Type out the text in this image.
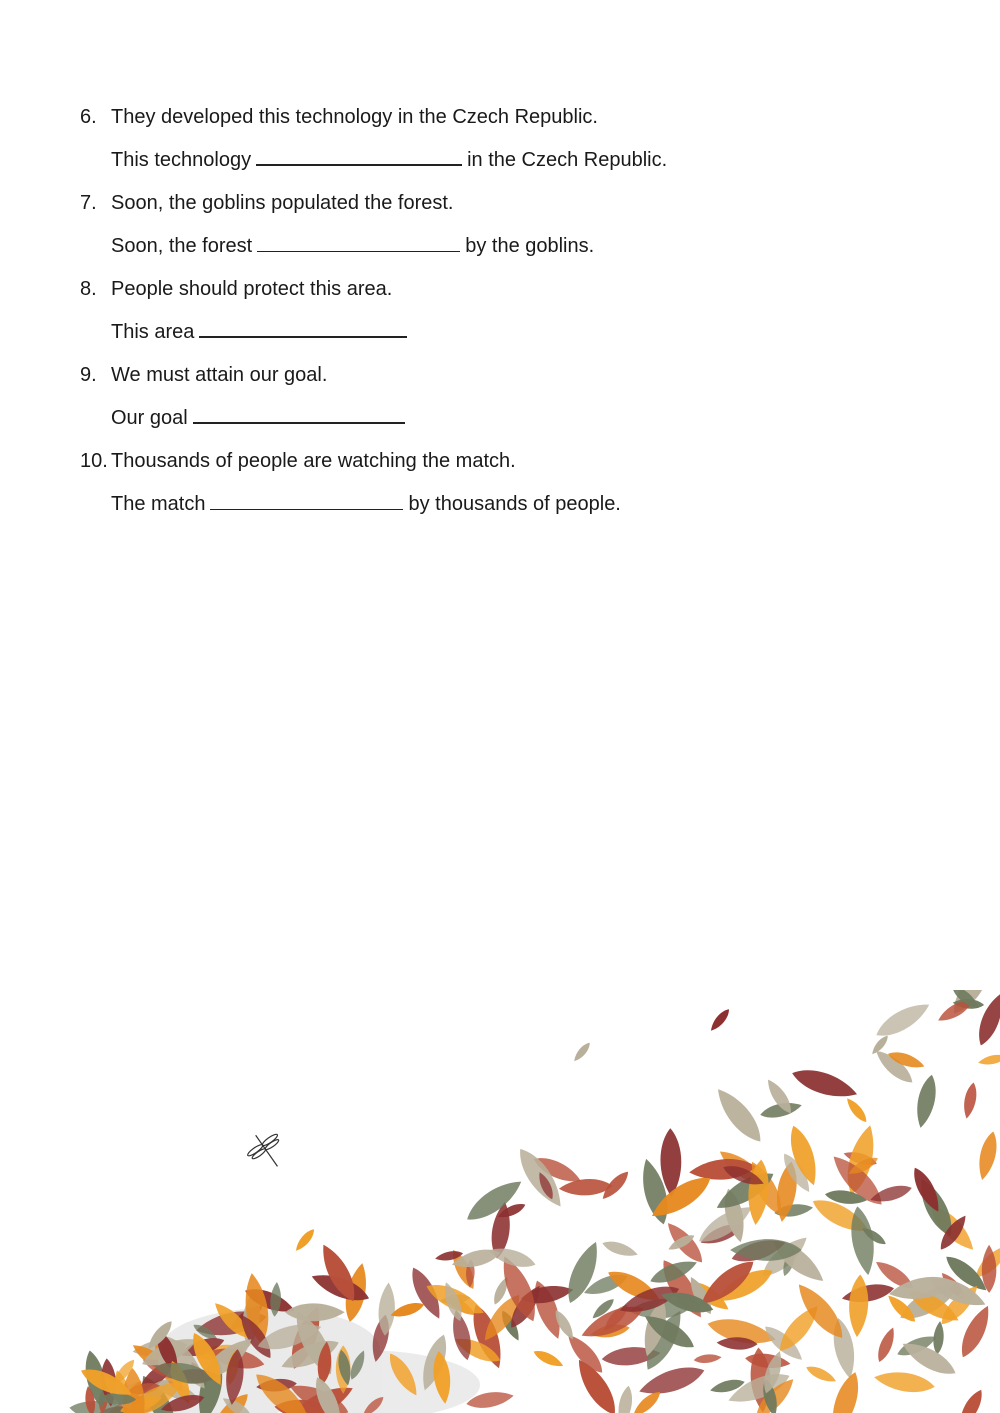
6. They developed this technology in the Czech Republic.
This technology	in the Czech Republic.
7. Soon, the goblins populated the forest.
Soon, the forest	by the goblins.
8. People should protect this area.
This area
9. We must attain our goal.
Our goal
10. Thousands of people are watching the match.
The match	by thousands of people.
